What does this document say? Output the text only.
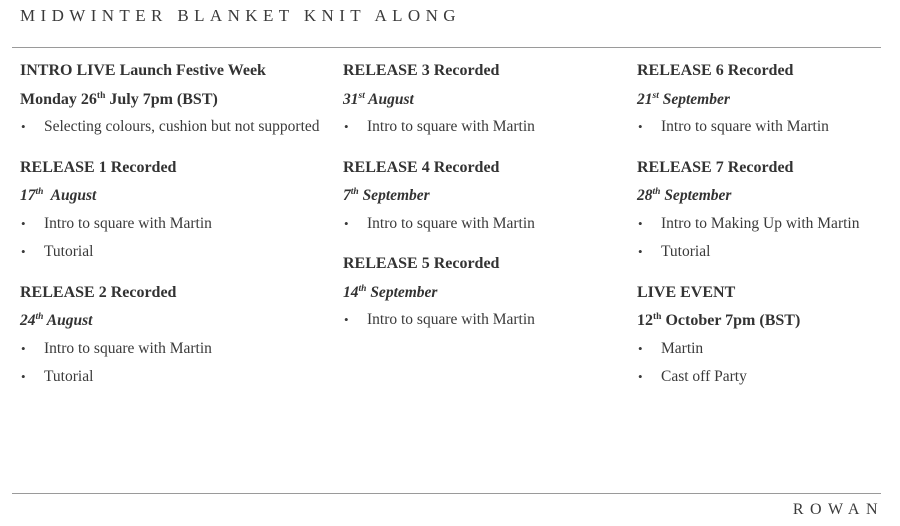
MIDWINTER BLANKET KNIT ALONG
INTRO LIVE Launch Festive Week
Monday 26th July 7pm (BST)
• Selecting colours, cushion but not supported
RELEASE 1 Recorded
17th  August
• Intro to square with Martin
• Tutorial
RELEASE 2 Recorded
24th August
• Intro to square with Martin
• Tutorial
RELEASE 3 Recorded
31st August
• Intro to square with Martin
RELEASE 4 Recorded
7th September
• Intro to square with Martin
RELEASE 5 Recorded
14th September
• Intro to square with Martin
RELEASE 6 Recorded
21st September
• Intro to square with Martin
RELEASE 7 Recorded
28th September
• Intro to Making Up with Martin
• Tutorial
LIVE EVENT
12th October 7pm (BST)
• Martin
• Cast off Party
ROWAN
